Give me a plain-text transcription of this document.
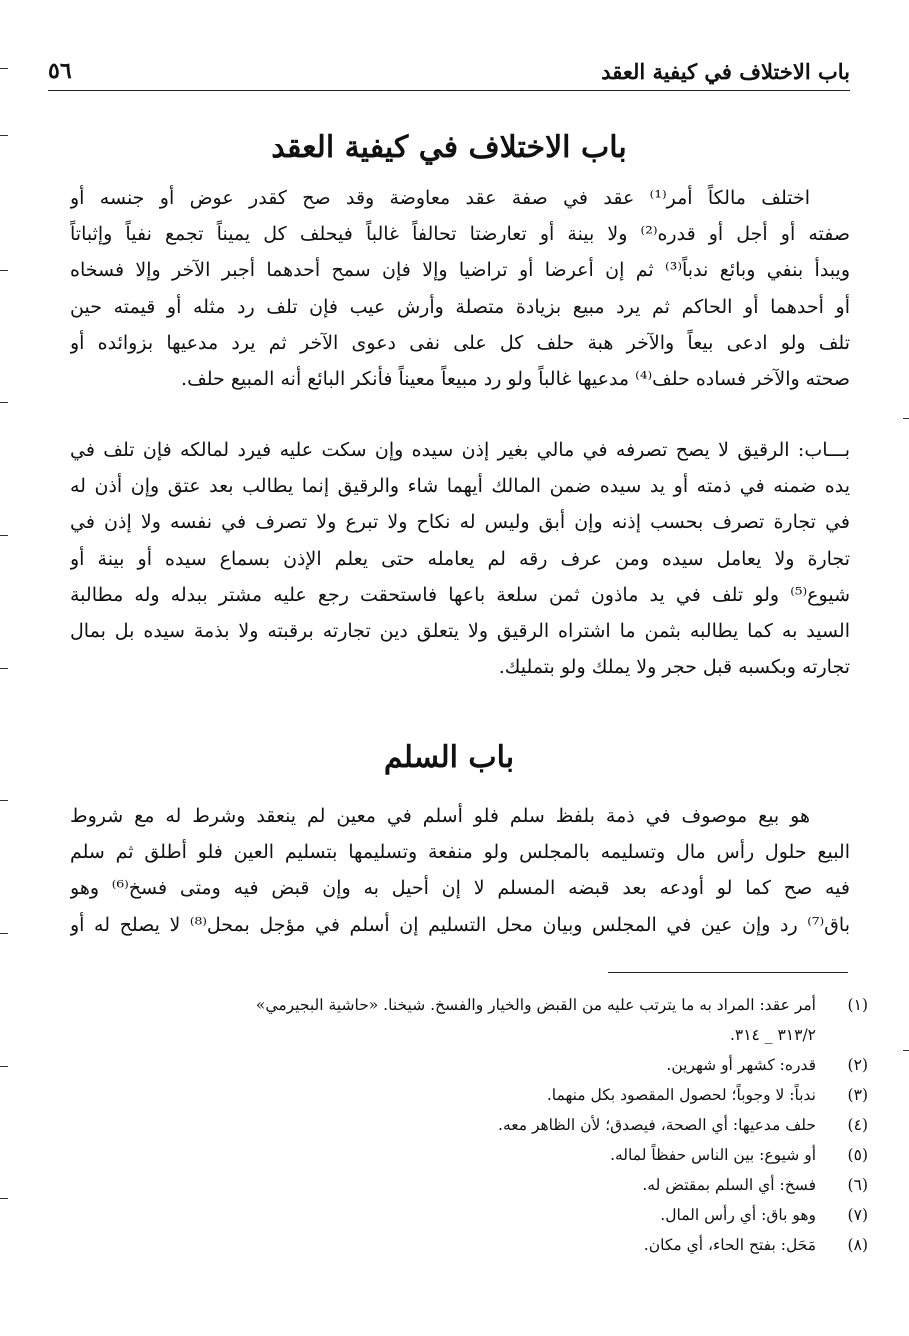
باب الاختلاف في كيفية العقد
٥٦
باب الاختلاف في كيفية العقد
اختلف مالكاً أمر⁽¹⁾ عقد في صفة عقد معاوضة وقد صح كقدر عوض أو جنسه أو
صفته أو أجل أو قدره⁽²⁾ ولا بينة أو تعارضتا تحالفاً غالباً فيحلف كل يميناً تجمع نفياً وإثباتاً
ويبدأ بنفي وبائع ندباً⁽³⁾ ثم إن أعرضا أو تراضيا وإلا فإن سمح أحدهما أجبر الآخر وإلا فسخاه
أو أحدهما أو الحاكم ثم يرد مبيع بزيادة متصلة وأرش عيب فإن تلف رد مثله أو قيمته حين
تلف ولو ادعى بيعاً والآخر هبة حلف كل على نفى دعوى الآخر ثم يرد مدعيها بزوائده أو
صحته والآخر فساده حلف⁽⁴⁾ مدعيها غالباً ولو رد مبيعاً معيناً فأنكر البائع أنه المبيع حلف.
بـــاب: الرقيق لا يصح تصرفه في مالي بغير إذن سيده وإن سكت عليه فيرد لمالكه فإن تلف في
يده ضمنه في ذمته أو يد سيده ضمن المالك أيهما شاء والرقيق إنما يطالب بعد عتق وإن أذن له
في تجارة تصرف بحسب إذنه وإن أبق وليس له نكاح ولا تبرع ولا تصرف في نفسه ولا إذن في
تجارة ولا يعامل سيده ومن عرف رقه لم يعامله حتى يعلم الإذن بسماع سيده أو بينة أو
شيوع⁽⁵⁾ ولو تلف في يد ماذون ثمن سلعة باعها فاستحقت رجع عليه مشتر ببدله وله مطالبة
السيد به كما يطالبه بثمن ما اشتراه الرقيق ولا يتعلق دين تجارته برقبته ولا بذمة سيده بل بمال
تجارته وبكسبه قبل حجر ولا يملك ولو بتمليك.
باب السلم
هو بيع موصوف في ذمة بلفظ سلم فلو أسلم في معين لم ينعقد وشرط له مع شروط
البيع حلول رأس مال وتسليمه بالمجلس ولو منفعة وتسليمها بتسليم العين فلو أطلق ثم سلم
فيه صح كما لو أودعه بعد قبضه المسلم لا إن أحيل به وإن قبض فيه ومتى فسخ⁽⁶⁾ وهو
باق⁽⁷⁾ رد وإن عين في المجلس وبيان محل التسليم إن أسلم في مؤجل بمحل⁽⁸⁾ لا يصلح له أو
(١)
أمر عقد: المراد به ما يترتب عليه من القبض والخيار والفسخ. شيخنا. «حاشية البجيرمي»
٣١٣/٢ _ ٣١٤.
(٢)
قدره: كشهر أو شهرين.
(٣)
ندباً: لا وجوباً؛ لحصول المقصود بكل منهما.
(٤)
حلف مدعيها: أي الصحة، فيصدق؛ لأن الظاهر معه.
(٥)
أو شيوع: بين الناس حفظاً لماله.
(٦)
فسخ: أي السلم بمقتض له.
(٧)
وهو باق: أي رأس المال.
(٨)
مَحَل: بفتح الحاء، أي مكان.
